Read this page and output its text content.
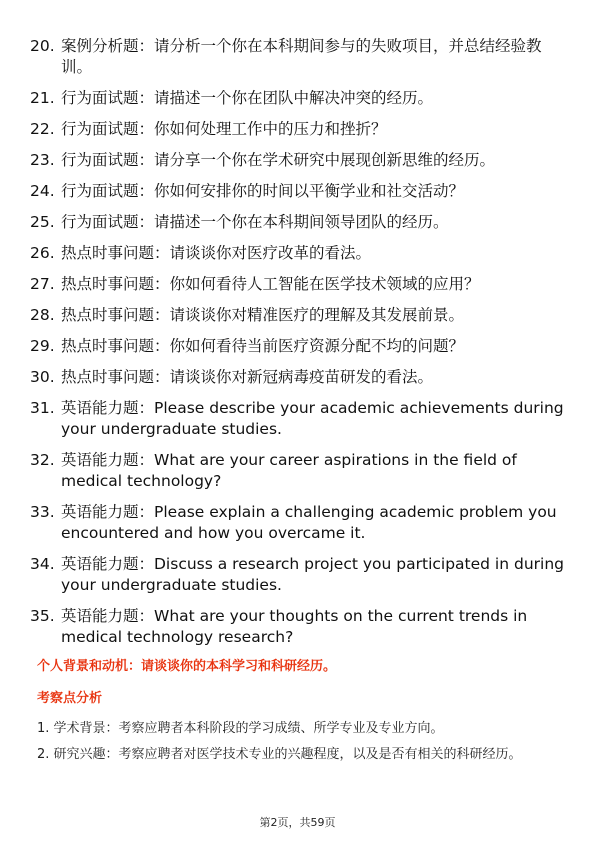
20. 案例分析题：请分析一个你在本科期间参与的失败项目，并总结经验教训。
21. 行为面试题：请描述一个你在团队中解决冲突的经历。
22. 行为面试题：你如何处理工作中的压力和挫折？
23. 行为面试题：请分享一个你在学术研究中展现创新思维的经历。
24. 行为面试题：你如何安排你的时间以平衡学业和社交活动？
25. 行为面试题：请描述一个你在本科期间领导团队的经历。
26. 热点时事问题：请谈谈你对医疗改革的看法。
27. 热点时事问题：你如何看待人工智能在医学技术领域的应用？
28. 热点时事问题：请谈谈你对精准医疗的理解及其发展前景。
29. 热点时事问题：你如何看待当前医疗资源分配不均的问题？
30. 热点时事问题：请谈谈你对新冠病毒疫苗研发的看法。
31. 英语能力题：Please describe your academic achievements during your undergraduate studies.
32. 英语能力题：What are your career aspirations in the field of medical technology?
33. 英语能力题：Please explain a challenging academic problem you encountered and how you overcame it.
34. 英语能力题：Discuss a research project you participated in during your undergraduate studies.
35. 英语能力题：What are your thoughts on the current trends in medical technology research?
个人背景和动机：请谈谈你的本科学习和科研经历。
考察点分析

1. 学术背景：考察应聘者本科阶段的学习成绩、所学专业及专业方向。

2. 研究兴趣：考察应聘者对医学技术专业的兴趣程度，以及是否有相关的科研经历。

第2页，共59页
